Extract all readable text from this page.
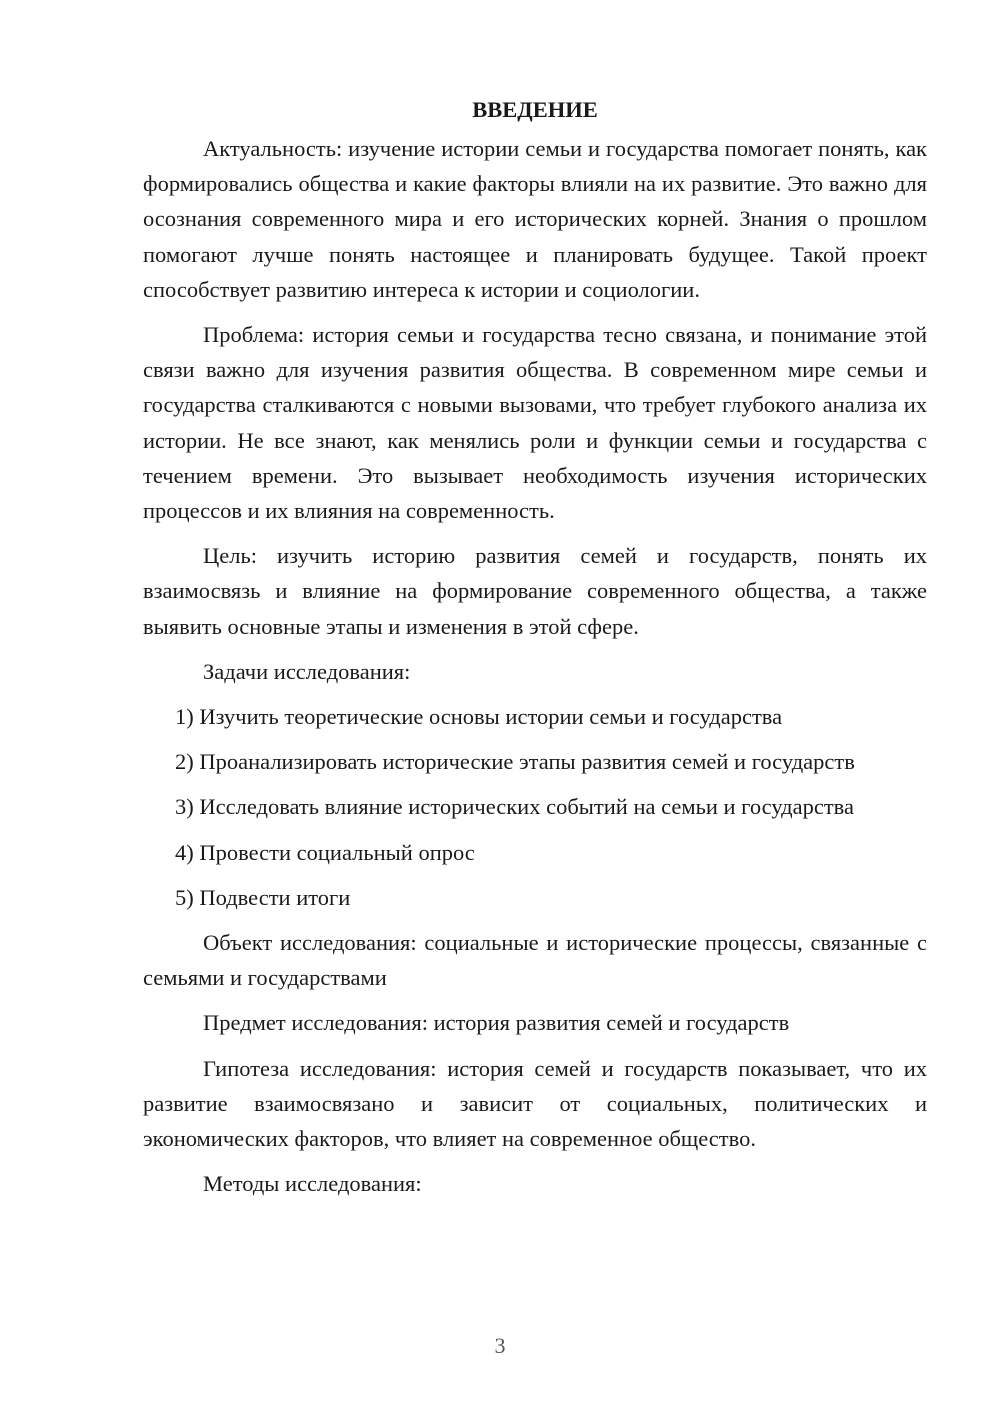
ВВЕДЕНИЕ

Актуальность: изучение истории семьи и государства помогает понять, как формировались общества и какие факторы влияли на их развитие. Это важно для осознания современного мира и его исторических корней. Знания о прошлом помогают лучше понять настоящее и планировать будущее. Такой проект способствует развитию интереса к истории и социологии.

Проблема: история семьи и государства тесно связана, и понимание этой связи важно для изучения развития общества. В современном мире семьи и государства сталкиваются с новыми вызовами, что требует глубокого анализа их истории. Не все знают, как менялись роли и функции семьи и государства с течением времени. Это вызывает необходимость изучения исторических процессов и их влияния на современность.

Цель: изучить историю развития семей и государств, понять их взаимосвязь и влияние на формирование современного общества, а также выявить основные этапы и изменения в этой сфере.

Задачи исследования:

1) Изучить теоретические основы истории семьи и государства
2) Проанализировать исторические этапы развития семей и государств
3) Исследовать влияние исторических событий на семьи и государства
4) Провести социальный опрос
5) Подвести итоги

Объект исследования: социальные и исторические процессы, связанные с семьями и государствами

Предмет исследования: история развития семей и государств

Гипотеза исследования: история семей и государств показывает, что их развитие взаимосвязано и зависит от социальных, политических и экономических факторов, что влияет на современное общество.

Методы исследования:

3
